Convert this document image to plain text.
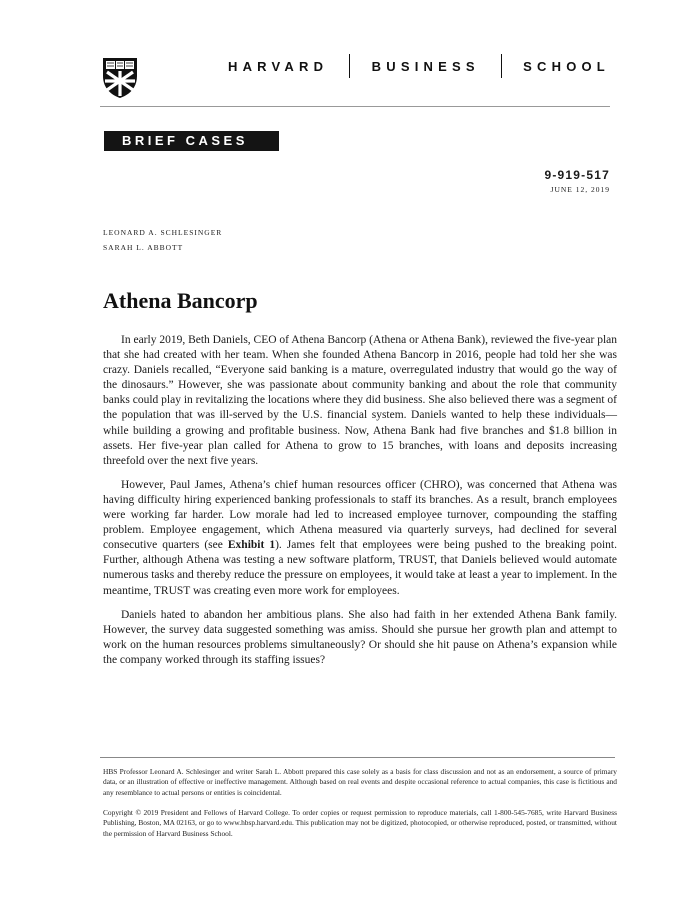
HARVARD	BUSINESS	SCHOOL
BRIEF CASES
9-919-517
JUNE 12, 2019
LEONARD A. SCHLESINGER
SARAH L. ABBOTT
Athena Bancorp

In early 2019, Beth Daniels, CEO of Athena Bancorp (Athena or Athena Bank), reviewed the five-year plan that she had created with her team. When she founded Athena Bancorp in 2016, people had told her she was crazy. Daniels recalled, “Everyone said banking is a mature, overregulated industry that would go the way of the dinosaurs.” However, she was passionate about community banking and about the role that community banks could play in revitalizing the locations where they did business. She also believed there was a segment of the population that was ill-served by the U.S. financial system. Daniels wanted to help these individuals—while building a growing and profitable business. Now, Athena Bank had five branches and $1.8 billion in assets. Her five-year plan called for Athena to grow to 15 branches, with loans and deposits increasing threefold over the next five years.

However, Paul James, Athena’s chief human resources officer (CHRO), was concerned that Athena was having difficulty hiring experienced banking professionals to staff its branches. As a result, branch employees were working far harder. Low morale had led to increased employee turnover, compounding the staffing problem. Employee engagement, which Athena measured via quarterly surveys, had declined for several consecutive quarters (see Exhibit 1). James felt that employees were being pushed to the breaking point. Further, although Athena was testing a new software platform, TRUST, that Daniels believed would automate numerous tasks and thereby reduce the pressure on employees, it would take at least a year to implement. In the meantime, TRUST was creating even more work for employees.

Daniels hated to abandon her ambitious plans. She also had faith in her extended Athena Bank family. However, the survey data suggested something was amiss. Should she pursue her growth plan and attempt to work on the human resources problems simultaneously? Or should she hit pause on Athena’s expansion while the company worked through its staffing issues?

HBS Professor Leonard A. Schlesinger and writer Sarah L. Abbott prepared this case solely as a basis for class discussion and not as an endorsement, a source of primary data, or an illustration of effective or ineffective management. Although based on real events and despite occasional reference to actual companies, this case is fictitious and any resemblance to actual persons or entities is coincidental.
Copyright © 2019 President and Fellows of Harvard College. To order copies or request permission to reproduce materials, call 1-800-545-7685, write Harvard Business Publishing, Boston, MA 02163, or go to www.hbsp.harvard.edu. This publication may not be digitized, photocopied, or otherwise reproduced, posted, or transmitted, without the permission of Harvard Business School.
